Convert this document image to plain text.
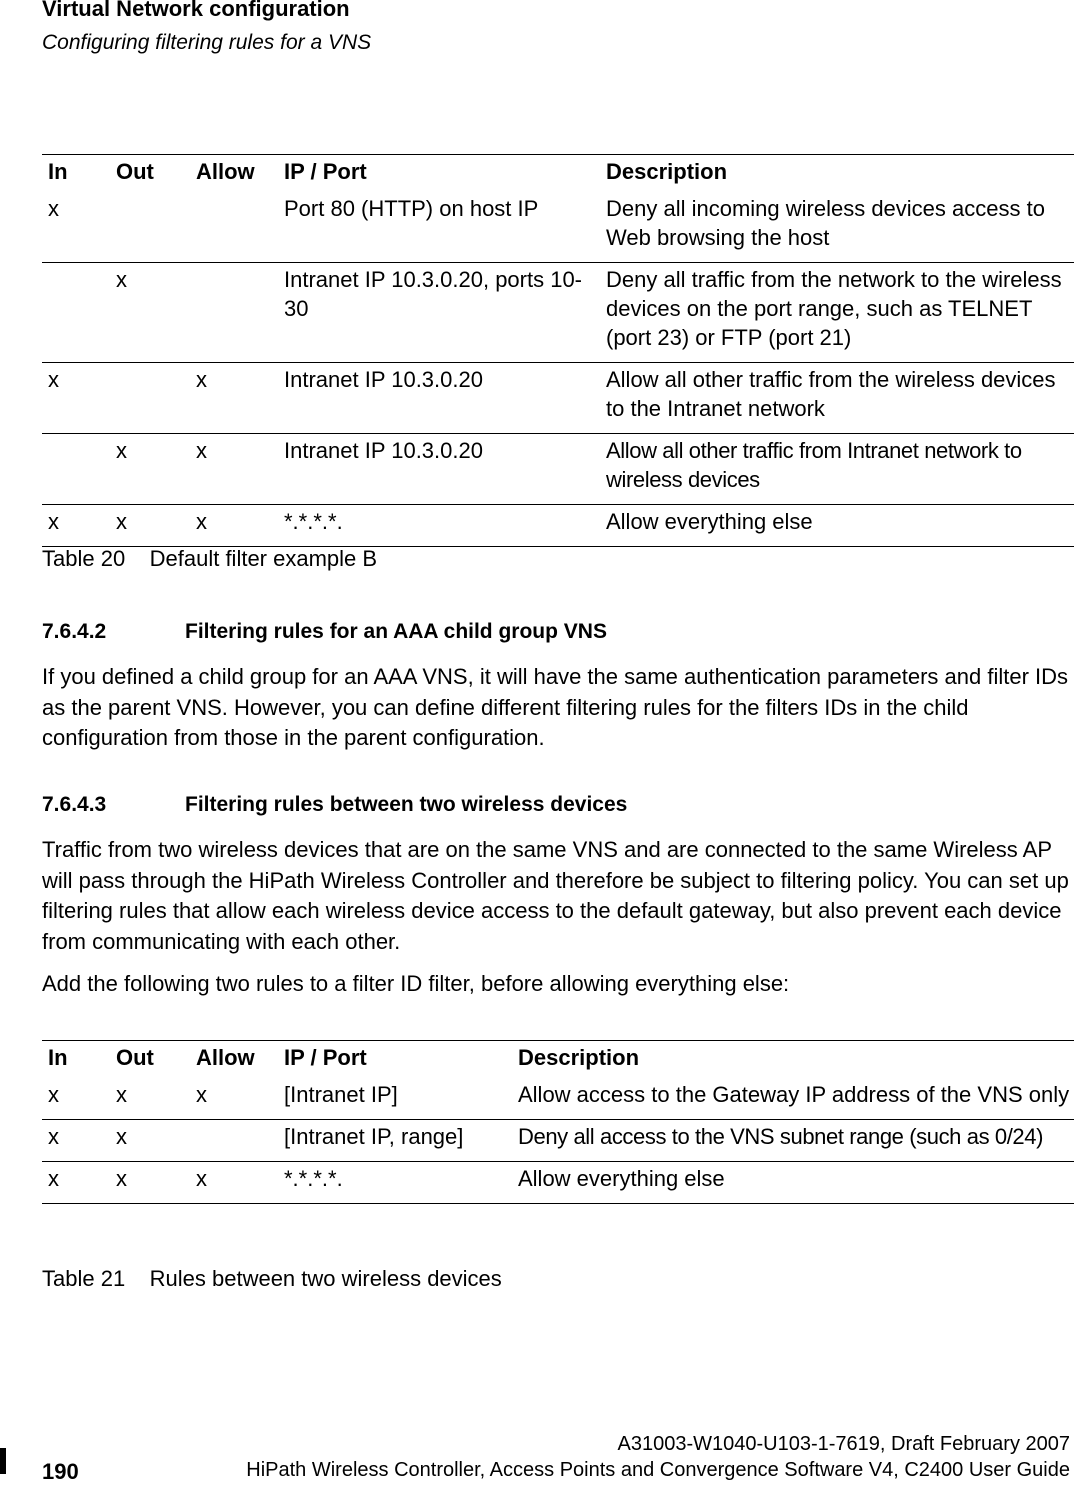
Virtual Network configuration
Configuring filtering rules for a VNS
In	Out	Allow	IP / Port	Description
x			Port 80 (HTTP) on host IP	Deny all incoming wireless devices access to Web browsing the host
	x		Intranet IP 10.3.0.20, ports 10-30	Deny all traffic from the network to the wireless devices on the port range, such as TELNET (port 23) or FTP (port 21)
x		x	Intranet IP 10.3.0.20	Allow all other traffic from the wireless devices to the Intranet network
	x	x	Intranet IP 10.3.0.20	Allow all other traffic from Intranet network to wireless devices
x	x	x	*.*.*.*.	Allow everything else
Table 20    Default filter example B
7.6.4.2	Filtering rules for an AAA child group VNS
If you defined a child group for an AAA VNS, it will have the same authentication parameters and filter IDs as the parent VNS. However, you can define different filtering rules for the filters IDs in the child configuration from those in the parent configuration.
7.6.4.3	Filtering rules between two wireless devices
Traffic from two wireless devices that are on the same VNS and are connected to the same Wireless AP will pass through the HiPath Wireless Controller and therefore be subject to filtering policy. You can set up filtering rules that allow each wireless device access to the default gateway, but also prevent each device from communicating with each other.
Add the following two rules to a filter ID filter, before allowing everything else:
In	Out	Allow	IP / Port	Description
x	x	x	[Intranet IP]	Allow access to the Gateway IP address of the VNS only
x	x		[Intranet IP, range]	Deny all access to the VNS subnet range (such as 0/24)
x	x	x	*.*.*.*.	Allow everything else
Table 21    Rules between two wireless devices
190
A31003-W1040-U103-1-7619, Draft February 2007
HiPath Wireless Controller, Access Points and Convergence Software V4, C2400 User Guide
